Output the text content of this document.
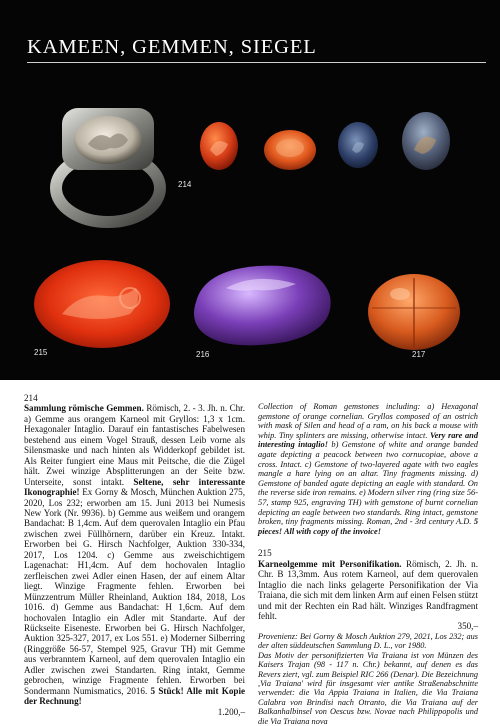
KAMEEN, GEMMEN, SIEGEL
214
215	216	217
214

Sammlung römische Gemmen. Römisch, 2. - 3. Jh. n. Chr. a) Gemme aus orangem Karneol mit Gryllos: 1,3 x 1cm. Hexagonaler Intaglio. Darauf ein fantastisches Fabelwesen bestehend aus einem Vogel Strauß, dessen Leib vorne als Silensmaske und nach hinten als Widderkopf gebildet ist. Als Reiter fungiert eine Maus mit Peitsche, die die Zügel hält. Zwei winzige Absplitterungen an der Seite bzw. Unterseite, sonst intakt. Seltene, sehr interessante Ikonographie! Ex Gorny & Mosch, München Auktion 275, 2020, Los 232; erworben am 15. Juni 2013 bei Numesis New York (Nr. 9936). b) Gemme aus weißem und orangem Bandachat: B 1,4cm. Auf dem querovalen Intaglio ein Pfau zwischen zwei Füllhörnern, darüber ein Kreuz. Intakt. Erworben bei G. Hirsch Nachfolger, Auktion 330-334, 2017, Los 1204. c) Gemme aus zweischichtigem Lagenachat: H1,4cm. Auf dem hochovalen Intaglio zerfleischen zwei Adler einen Hasen, der auf einem Altar liegt. Winzige Fragmente fehlen. Erworben bei Münzzentrum Müller Rheinland, Auktion 184, 2018, Los 1016. d) Gemme aus Bandachat: H 1,6cm. Auf dem hochovalen Intaglio ein Adler mit Standarte. Auf der Rückseite Eiseneste. Erworben bei G. Hirsch Nachfolger, Auktion 325-327, 2017, ex Los 551. e) Moderner Silberring (Ringgröße 56-57, Stempel 925, Gravur TH) mit Gemme aus verbranntem Karneol, auf dem querovalen Intaglio ein Adler zwischen zwei Standarten. Ring intakt, Gemme gebrochen, winzige Fragmente fehlen. Erworben bei Sondermann Numismatics, 2016. 5 Stück! Alle mit Kopie der Rechnung!

1.200,–

Collection of Roman gemstones including: a) Hexagonal gemstone of orange cornelian. Gryllos composed of an ostrich with mask of Silen and head of a ram, on his back a mouse with whip. Tiny splinters are missing, otherwise intact. Very rare and interesting intaglio! b) Gemstone of white and orange banded agate depicting a peacock between two cornucopiae, above a cross. Intact. c) Gemstone of two-layered agate with two eagles mangle a hare lying on an altar. Tiny fragments missing. d) Gemstone of banded agate depicting an eagle with standard. On the reverse side iron remains. e) Modern silver ring (ring size 56-57, stamp 925, engraving TH) with gemstone of burnt cornelian depicting an eagle between two standards. Ring intact, gemstone broken, tiny fragments missing. Roman, 2nd - 3rd century A.D. 5 pieces! All with copy of the invoice!

215

Karneolgemme mit Personifikation. Römisch, 2. Jh. n. Chr. B 13,3mm. Aus rotem Karneol, auf dem querovalen Intaglio die nach links gelagerte Personifikation der Via Traiana, die sich mit dem linken Arm auf einen Felsen stützt und mit der Rechten ein Rad hält. Winziges Randfragment fehlt.

350,–

Provenienz: Bei Gorny & Mosch Auktion 279, 2021, Los 232; aus der alten süddeutschen Sammlung D. L., vor 1980.

Das Motiv der personifizierten Via Traiana ist von Münzen des Kaisers Trajan (98 - 117 n. Chr.) bekannt, auf denen es das Revers ziert, vgl. zum Beispiel RIC 266 (Denar). Die Bezeichnung ,Via Traiana' wird für insgesamt vier antike Straßenabschnitte verwendet: die Via Appia Traiana in Italien, die Via Traiana Calabra von Brindisi nach Otranto, die Via Traiana auf der Balkanhalbinsel von Oescus bzw. Novae nach Philippopolis und die Via Traiana nova
